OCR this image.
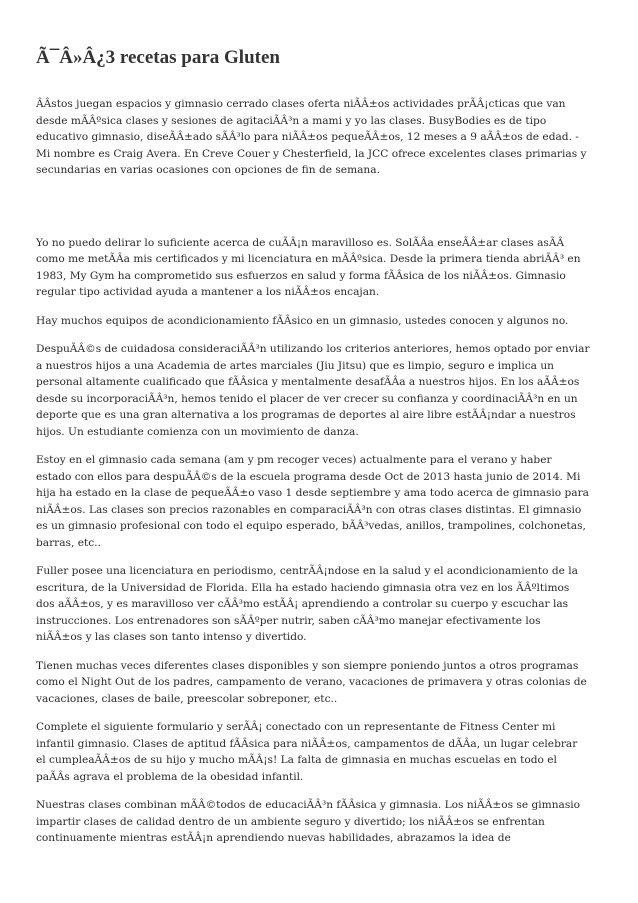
Ã¯Â»Â¿3 recetas para Gluten

ÂÂstos juegan espacios y gimnasio cerrado clases oferta niÃÂ±os actividades prÃÂ¡cticas que van desde mÃÂºsica clases y sesiones de agitaciÃÂ³n a mami y yo las clases. BusyBodies es de tipo educativo gimnasio, diseÃÂ±ado sÃÂ³lo para niÃÂ±os pequeÃÂ±os, 12 meses a 9 aÃÂ±os de edad. -Mi nombre es Craig Avera. En Creve Couer y Chesterfield, la JCC ofrece excelentes clases primarias y secundarias en varias ocasiones con opciones de fin de semana.

Yo no puedo delirar lo suficiente acerca de cuÃÂ¡n maravilloso es. SolÃÂa enseÃÂ±ar clases asÃÂ como me metÃÂa mis certificados y mi licenciatura en mÃÂºsica. Desde la primera tienda abriÃÂ³ en 1983, My Gym ha comprometido sus esfuerzos en salud y forma fÃÂsica de los niÃÂ±os. Gimnasio regular tipo actividad ayuda a mantener a los niÃÂ±os encajan.

Hay muchos equipos de acondicionamiento fÃÂsico en un gimnasio, ustedes conocen y algunos no.

DespuÃÂ©s de cuidadosa consideraciÃÂ³n utilizando los criterios anteriores, hemos optado por enviar a nuestros hijos a una Academia de artes marciales (Jiu Jitsu) que es limpio, seguro e implica un personal altamente cualificado que fÃÂsica y mentalmente desafÃÂa a nuestros hijos. En los aÃÂ±os desde su incorporaciÃÂ³n, hemos tenido el placer de ver crecer su confianza y coordinaciÃÂ³n en un deporte que es una gran alternativa a los programas de deportes al aire libre estÃÂ¡ndar a nuestros hijos. Un estudiante comienza con un movimiento de danza.

Estoy en el gimnasio cada semana (am y pm recoger veces) actualmente para el verano y haber estado con ellos para despuÃÂ©s de la escuela programa desde Oct de 2013 hasta junio de 2014. Mi hija ha estado en la clase de pequeÃÂ±o vaso 1 desde septiembre y ama todo acerca de gimnasio para niÃÂ±os. Las clases son precios razonables en comparaciÃÂ³n con otras clases distintas. El gimnasio es un gimnasio profesional con todo el equipo esperado, bÃÂ³vedas, anillos, trampolines, colchonetas, barras, etc..

Fuller posee una licenciatura en periodismo, centrÃÂ¡ndose en la salud y el acondicionamiento de la escritura, de la Universidad de Florida. Ella ha estado haciendo gimnasia otra vez en los ÃÂºltimos dos aÃÂ±os, y es maravilloso ver cÃÂ³mo estÃÂ¡ aprendiendo a controlar su cuerpo y escuchar las instrucciones. Los entrenadores son sÃÂºper nutrir, saben cÃÂ³mo manejar efectivamente los niÃÂ±os y las clases son tanto intenso y divertido.

Tienen muchas veces diferentes clases disponibles y son siempre poniendo juntos a otros programas como el Night Out de los padres, campamento de verano, vacaciones de primavera y otras colonias de vacaciones, clases de baile, preescolar sobreponer, etc..

Complete el siguiente formulario y serÃÂ¡ conectado con un representante de Fitness Center mi infantil gimnasio. Clases de aptitud fÃÂsica para niÃÂ±os, campamentos de dÃÂa, un lugar celebrar el cumpleaÃÂ±os de su hijo y mucho mÃÂ¡s! La falta de gimnasia en muchas escuelas en todo el paÃÂs agrava el problema de la obesidad infantil.

Nuestras clases combinan mÃÂ©todos de educaciÃÂ³n fÃÂsica y gimnasia. Los niÃÂ±os se gimnasio impartir clases de calidad dentro de un ambiente seguro y divertido; los niÃÂ±os se enfrentan continuamente mientras estÃÂ¡n aprendiendo nuevas habilidades, abrazamos la idea de
